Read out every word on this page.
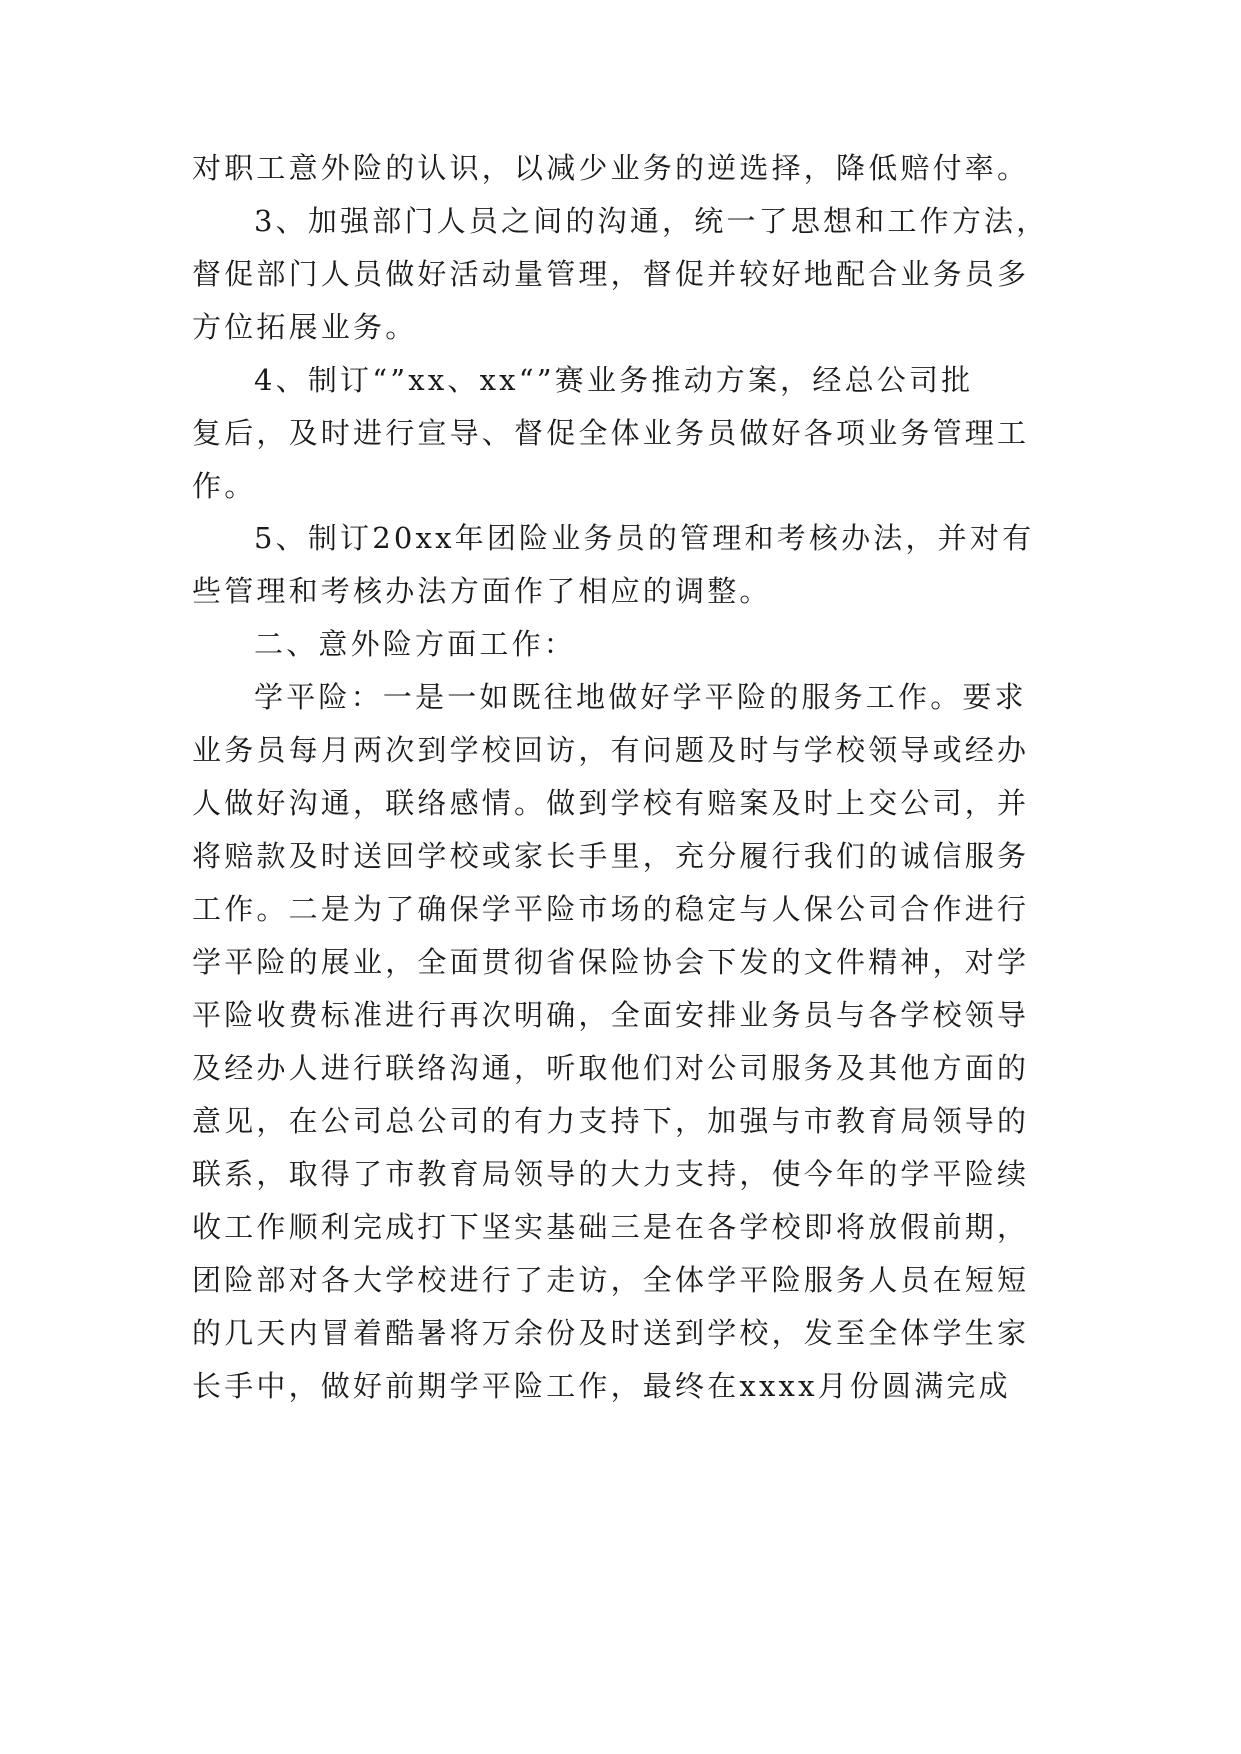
对职工意外险的认识，以减少业务的逆选择，降低赔付率。
3、加强部门人员之间的沟通，统一了思想和工作方法，
督促部门人员做好活动量管理，督促并较好地配合业务员多
方位拓展业务。
4、制订“”xx、xx“”赛业务推动方案，经总公司批
复后，及时进行宣导、督促全体业务员做好各项业务管理工
作。
5、制订20xx年团险业务员的管理和考核办法，并对有
些管理和考核办法方面作了相应的调整。
二、意外险方面工作：
学平险：一是一如既往地做好学平险的服务工作。要求
业务员每月两次到学校回访，有问题及时与学校领导或经办
人做好沟通，联络感情。做到学校有赔案及时上交公司，并
将赔款及时送回学校或家长手里，充分履行我们的诚信服务
工作。二是为了确保学平险市场的稳定与人保公司合作进行
学平险的展业，全面贯彻省保险协会下发的文件精神，对学
平险收费标准进行再次明确，全面安排业务员与各学校领导
及经办人进行联络沟通，听取他们对公司服务及其他方面的
意见，在公司总公司的有力支持下，加强与市教育局领导的
联系，取得了市教育局领导的大力支持，使今年的学平险续
收工作顺利完成打下坚实基础三是在各学校即将放假前期，
团险部对各大学校进行了走访，全体学平险服务人员在短短
的几天内冒着酷暑将万余份及时送到学校，发至全体学生家
长手中，做好前期学平险工作，最终在xxxx月份圆满完成
